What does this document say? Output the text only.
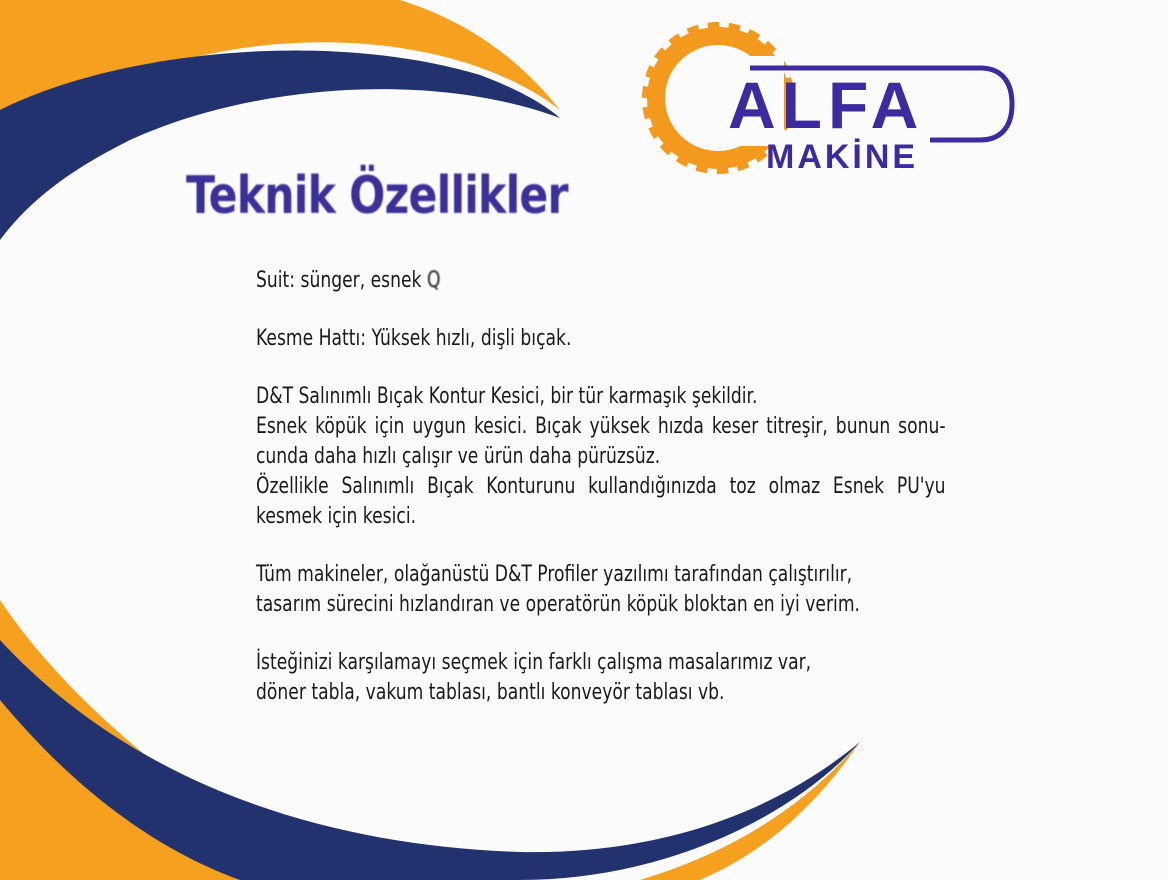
ALFA
MAKİNE
Teknik Özellikler
Suit: sünger, esnek Q
Kesme Hattı: Yüksek hızlı, dişli bıçak.
D&T Salınımlı Bıçak Kontur Kesici, bir tür karmaşık şekildir.
Esnek köpük için uygun kesici. Bıçak yüksek hızda keser titreşir, bunun sonu-
cunda daha hızlı çalışır ve ürün daha pürüzsüz.
Özellikle Salınımlı Bıçak Konturunu kullandığınızda toz olmaz Esnek PU'yu
kesmek için kesici.
Tüm makineler, olağanüstü D&T Profiler yazılımı tarafından çalıştırılır,
tasarım sürecini hızlandıran ve operatörün köpük bloktan en iyi verim.
İsteğinizi karşılamayı seçmek için farklı çalışma masalarımız var,
döner tabla, vakum tablası, bantlı konveyör tablası vb.
